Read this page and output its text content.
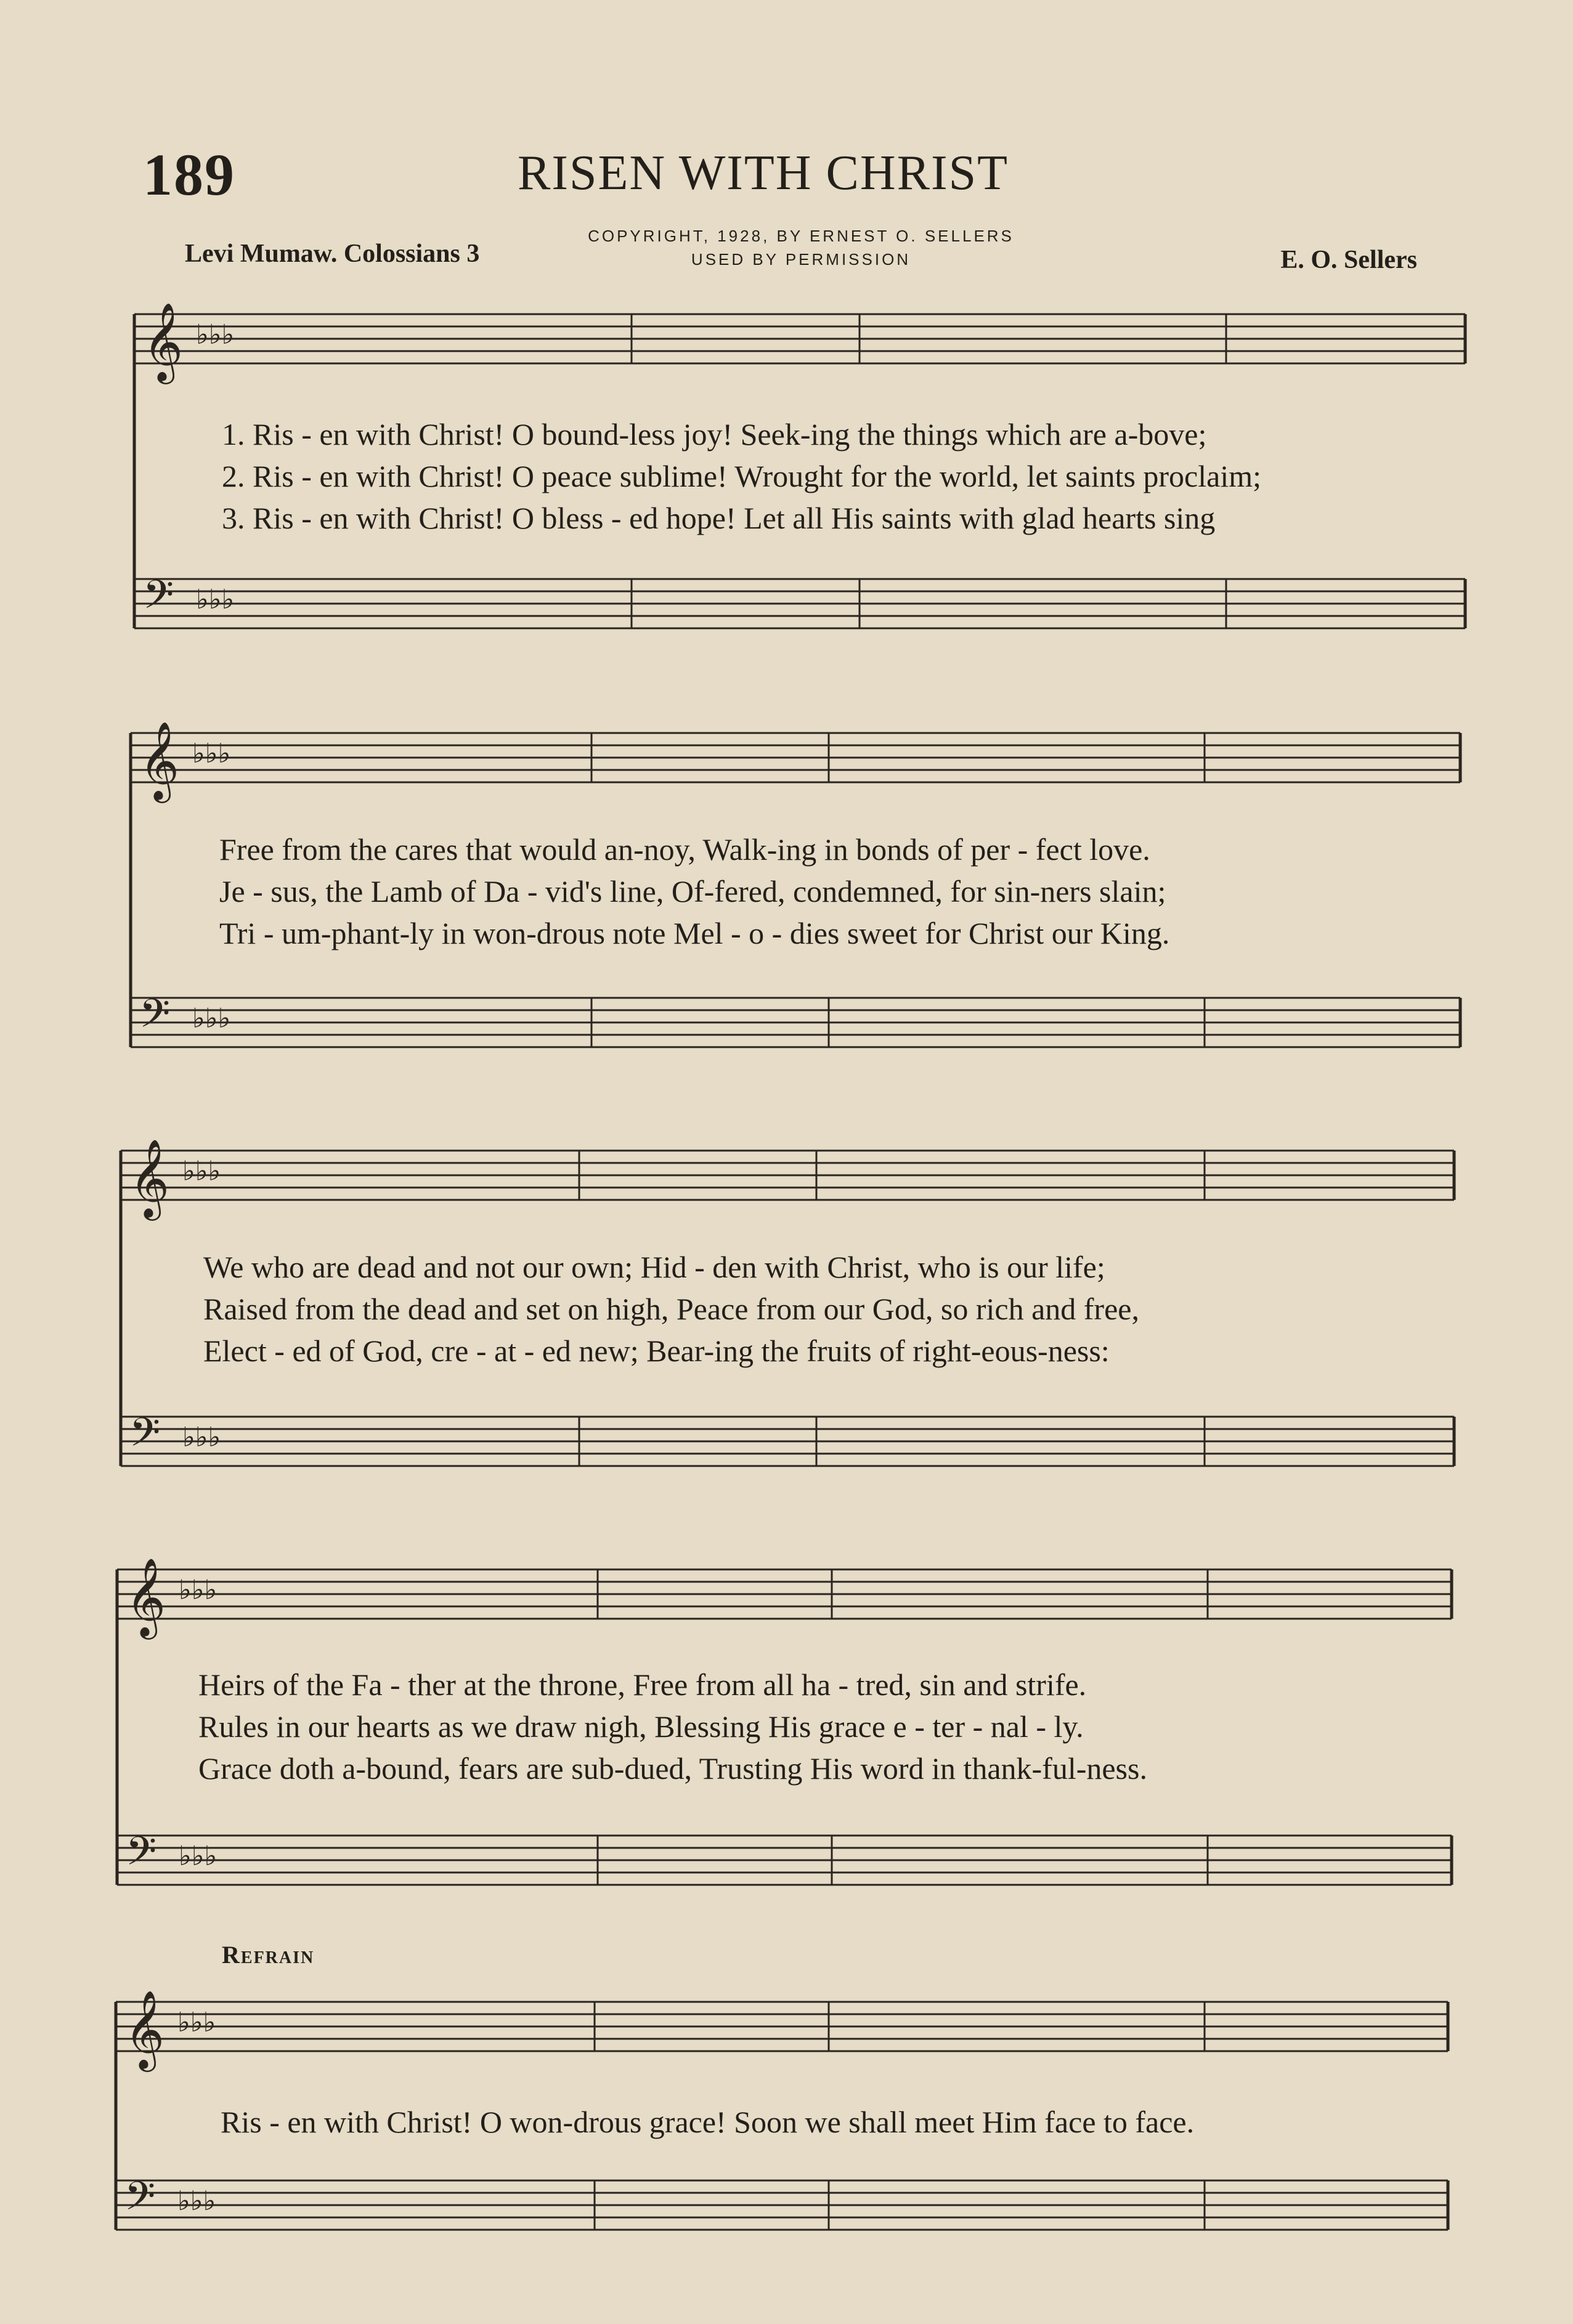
189	RISEN WITH CHRIST
Levi Mumaw. Colossians 3
COPYRIGHT, 1928, BY ERNEST O. SELLERS
USED BY PERMISSION	E. O. Sellers
𝄞 ♭♭♭
𝄢 ♭♭♭
𝄞 ♭♭♭
𝄢 ♭♭♭
𝄞 ♭♭♭
𝄢 ♭♭♭
𝄞 ♭♭♭
𝄢 ♭♭♭
𝄞 ♭♭♭
𝄢 ♭♭♭
1. Ris - en with Christ! O bound-less joy! Seek-ing the things which are a-bove;
2. Ris - en with Christ! O peace sublime! Wrought for the world, let saints proclaim;
3. Ris - en with Christ! O bless - ed hope! Let all His saints with glad hearts sing
Free from the cares that would an-noy, Walk-ing in bonds of per - fect love.
Je - sus, the Lamb of Da - vid's line, Of-fered, condemned, for sin-ners slain;
Tri - um-phant-ly in won-drous note Mel - o - dies sweet for Christ our King.
We who are dead and not our own; Hid - den with Christ, who is our life;
Raised from the dead and set on high, Peace from our God, so rich and free,
Elect - ed of God, cre - at - ed new; Bear-ing the fruits of right-eous-ness:
Heirs of the Fa - ther at the throne, Free from all ha - tred, sin and strife.
Rules in our hearts as we draw nigh, Blessing His grace e - ter - nal - ly.
Grace doth a-bound, fears are sub-dued, Trusting His word in thank-ful-ness.
Refrain
Ris - en with Christ! O won-drous grace! Soon we shall meet Him face to face.
